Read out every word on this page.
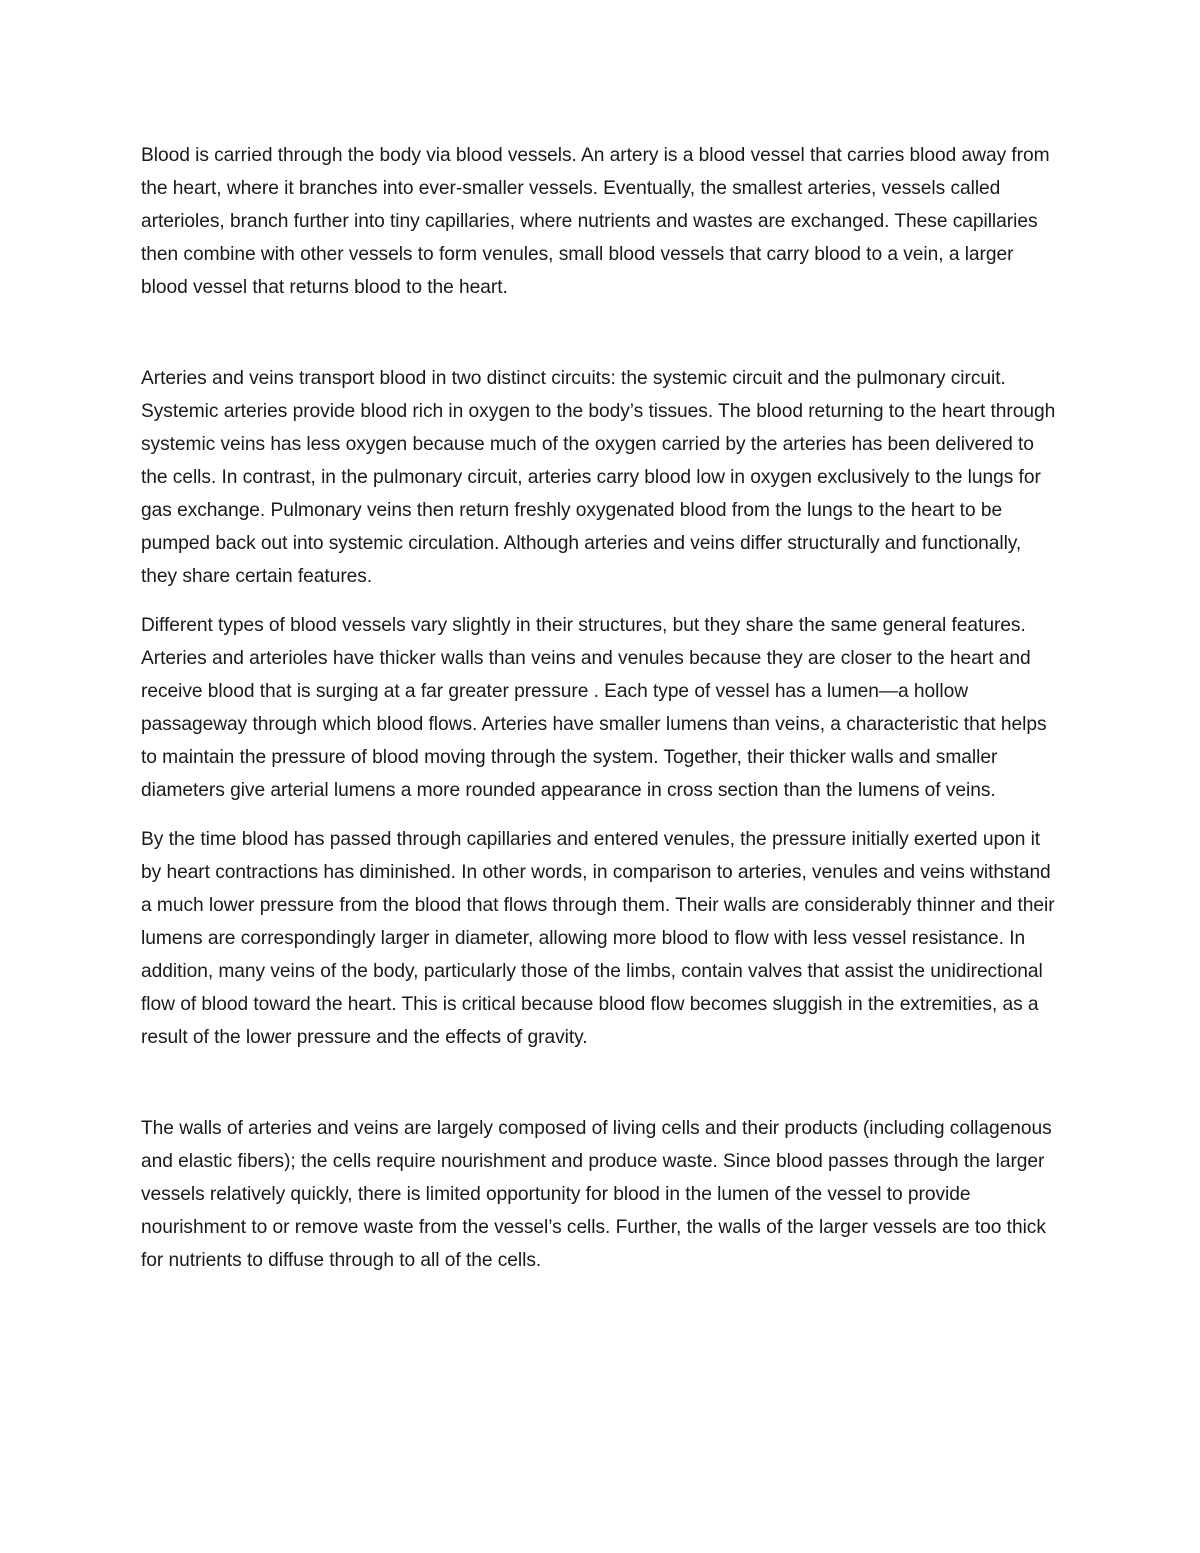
Blood is carried through the body via blood vessels. An artery is a blood vessel that carries blood away from the heart, where it branches into ever-smaller vessels. Eventually, the smallest arteries, vessels called arterioles, branch further into tiny capillaries, where nutrients and wastes are exchanged. These capillaries then combine with other vessels to form venules, small blood vessels that carry blood to a vein, a larger blood vessel that returns blood to the heart.

Arteries and veins transport blood in two distinct circuits: the systemic circuit and the pulmonary circuit. Systemic arteries provide blood rich in oxygen to the body’s tissues. The blood returning to the heart through systemic veins has less oxygen because much of the oxygen carried by the arteries has been delivered to the cells. In contrast, in the pulmonary circuit, arteries carry blood low in oxygen exclusively to the lungs for gas exchange. Pulmonary veins then return freshly oxygenated blood from the lungs to the heart to be pumped back out into systemic circulation. Although arteries and veins differ structurally and functionally, they share certain features.

Different types of blood vessels vary slightly in their structures, but they share the same general features. Arteries and arterioles have thicker walls than veins and venules because they are closer to the heart and receive blood that is surging at a far greater pressure . Each type of vessel has a lumen—a hollow passageway through which blood flows. Arteries have smaller lumens than veins, a characteristic that helps to maintain the pressure of blood moving through the system. Together, their thicker walls and smaller diameters give arterial lumens a more rounded appearance in cross section than the lumens of veins.

By the time blood has passed through capillaries and entered venules, the pressure initially exerted upon it by heart contractions has diminished. In other words, in comparison to arteries, venules and veins withstand a much lower pressure from the blood that flows through them. Their walls are considerably thinner and their lumens are correspondingly larger in diameter, allowing more blood to flow with less vessel resistance. In addition, many veins of the body, particularly those of the limbs, contain valves that assist the unidirectional flow of blood toward the heart. This is critical because blood flow becomes sluggish in the extremities, as a result of the lower pressure and the effects of gravity.

The walls of arteries and veins are largely composed of living cells and their products (including collagenous and elastic fibers); the cells require nourishment and produce waste. Since blood passes through the larger vessels relatively quickly, there is limited opportunity for blood in the lumen of the vessel to provide nourishment to or remove waste from the vessel’s cells. Further, the walls of the larger vessels are too thick for nutrients to diffuse through to all of the cells.
